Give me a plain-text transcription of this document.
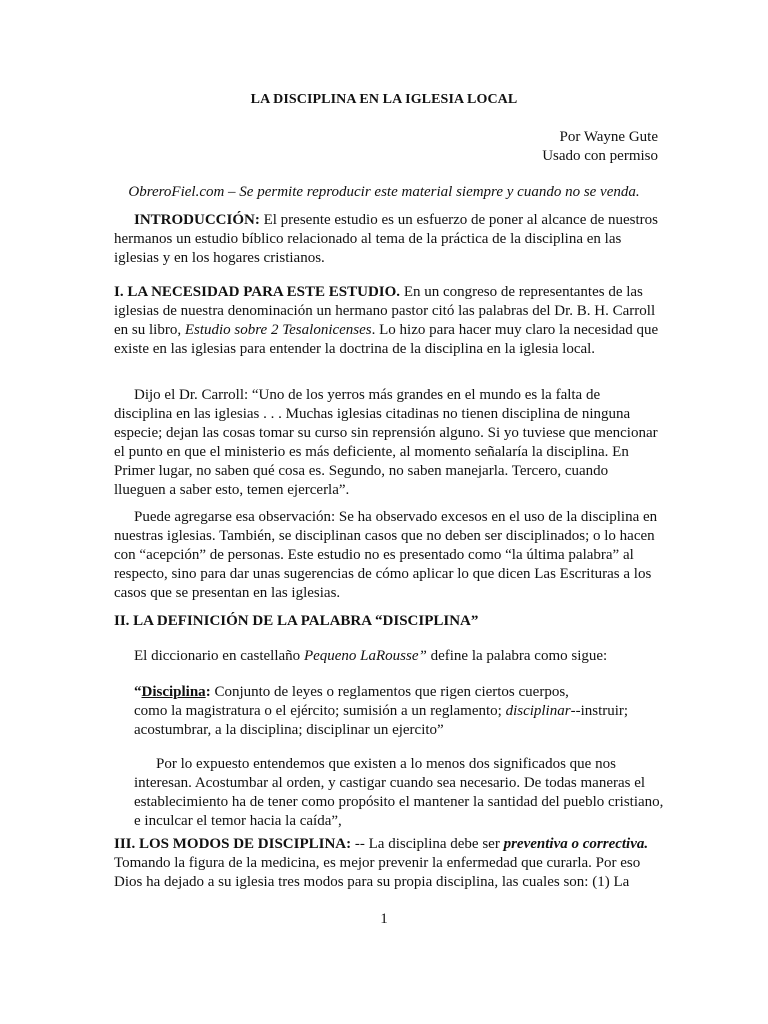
LA DISCIPLINA EN LA IGLESIA LOCAL
Por Wayne Gute
Usado con permiso
ObreroFiel.com – Se permite reproducir este material siempre y cuando no se venda.

INTRODUCCIÓN: El presente estudio es un esfuerzo de poner al alcance de nuestros hermanos un estudio bíblico relacionado al tema de la práctica de la disciplina en las iglesias y en los hogares cristianos.

I. LA NECESIDAD PARA ESTE ESTUDIO. En un congreso de representantes de las iglesias de nuestra denominación un hermano pastor citó las palabras del Dr. B. H. Carroll en su libro, Estudio sobre 2 Tesalonicenses. Lo hizo para hacer muy claro la necesidad que existe en las iglesias para entender la doctrina de la disciplina en la iglesia local.

Dijo el Dr. Carroll: “Uno de los yerros más grandes en el mundo es la falta de disciplina en las iglesias . . . Muchas iglesias citadinas no tienen disciplina de ninguna especie; dejan las cosas tomar su curso sin reprensión alguno. Si yo tuviese que mencionar el punto en que el ministerio es más deficiente, al momento señalaría la disciplina. En Primer lugar, no saben qué cosa es. Segundo, no saben manejarla. Tercero, cuando llueguen a saber esto, temen ejercerla”.

Puede agregarse esa observación: Se ha observado excesos en el uso de la disciplina en nuestras iglesias. También, se disciplinan casos que no deben ser disciplinados; o lo hacen con “acepción” de personas. Este estudio no es presentado como “la última palabra” al respecto, sino para dar unas sugerencias de cómo aplicar lo que dicen Las Escrituras a los casos que se presentan en las iglesias.

II. LA DEFINICIÓN DE LA PALABRA “DISCIPLINA”

El diccionario en castellaño Pequeno LaRousse” define la palabra como sigue:

“Disciplina: Conjunto de leyes o reglamentos que rigen ciertos cuerpos,
como la magistratura o el ejército; sumisión a un reglamento; disciplinar--instruir;
acostumbrar, a la disciplina; disciplinar un ejercito”

Por lo expuesto entendemos que existen a lo menos dos significados que nos interesan. Acostumbar al orden, y castigar cuando sea necesario. De todas maneras el establecimiento ha de tener como propósito el mantener la santidad del pueblo cristiano, e inculcar el temor hacia la caída”,

III. LOS MODOS DE DISCIPLINA: -- La disciplina debe ser preventiva o correctiva. Tomando la figura de la medicina, es mejor prevenir la enfermedad que curarla. Por eso Dios ha dejado a su iglesia tres modos para su propia disciplina, las cuales son: (1) La

1
